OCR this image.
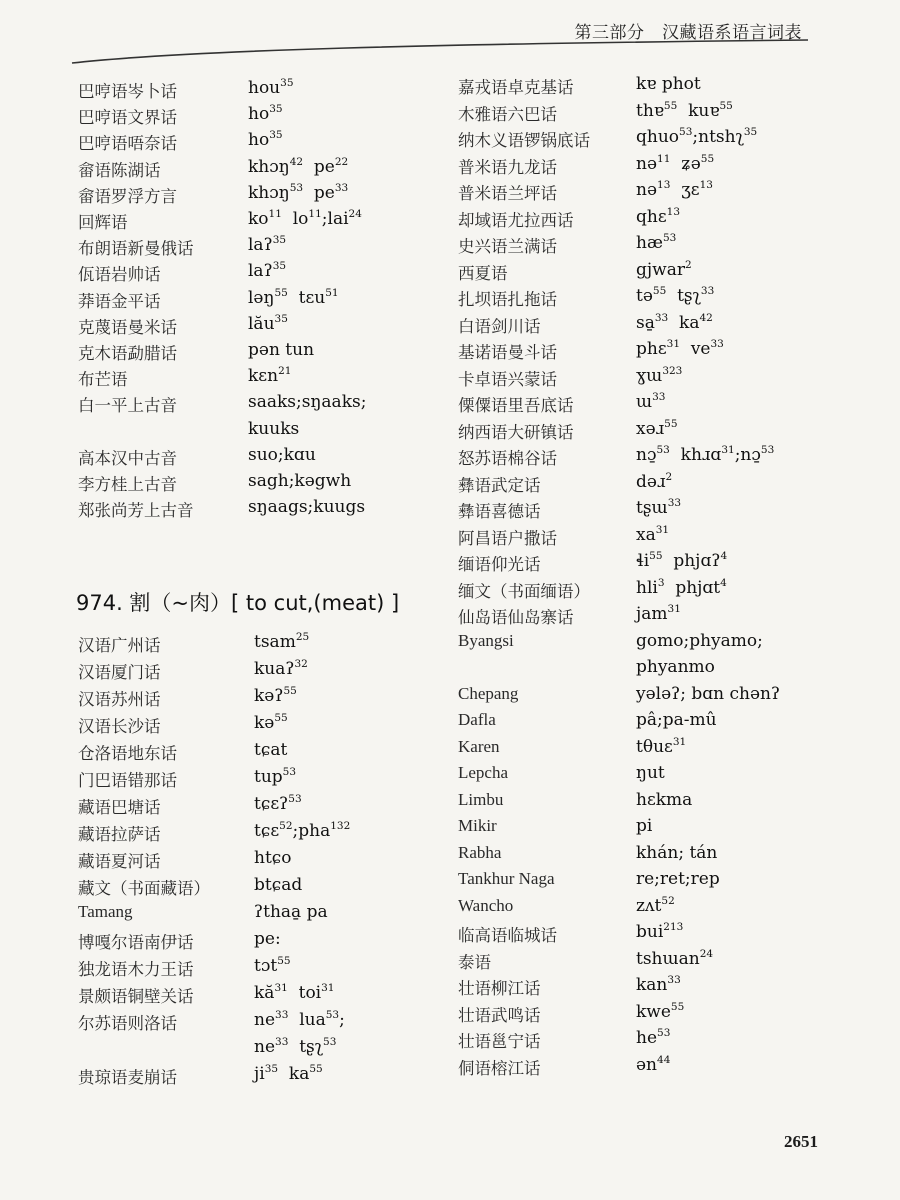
第三部分　汉藏语系语言词表
巴哼语岑卜话	hou$^{35}$
巴哼语文界话	$ho^{35}$
巴哼语唔奈话	$ho^{35}$
畲语陈湖话	khɔŋ$^{42}$  $pe^{22}$
畲语罗浮方言	khɔŋ$^{53}$  $pe^{33}$
回辉语	$ko^{11}$  $lo^{11};lai^{24}$
布朗语新曼俄话	laʔ$^{35}$
佤语岩帅话	laʔ$^{35}$
莽语金平话	ləŋ$^{55}$  tɛu$^{51}$
克蔑语曼米话	lău$^{35}$
克木语勐腊话	pən tun
布芒语	kɛn$^{21}$
白一平上古音	saaks;sŋaaks;
kuuks
高本汉中古音	suo;kɑu
李方桂上古音	sagh;kəgwh
郑张尚芳上古音	sŋaags;kuugs
974. 割（~肉）[ to cut,(meat) ]
汉语广州话	tsam$^{25}$
汉语厦门话	kuaʔ$^{32}$
汉语苏州话	kəʔ$^{55}$
汉语长沙话	kə$^{55}$
仓洛语地东话	tɕat
门巴语错那话	tup$^{53}$
藏语巴塘话	tɕɛʔ$^{53}$
藏语拉萨话	tɕɛ$^{52}$;pha$^{132}$
藏语夏河话	htɕo
藏文（书面藏语）	btɕad
Tamang	ʔthaa̱ pa
博嘎尔语南伊话	pe:
独龙语木力王话	tɔt$^{55}$
景颇语铜壁关话	$kă^{31}$  toi$^{31}$
尔苏语则洛话	$ne^{33}$  lua$^{53}$;
$ne^{33}$  tʂʅ$^{53}$
贵琼语麦崩话	$ji^{35}$  $ka^{55}$
嘉戎语卓克基话	kɐ phot
木雅语六巴话	thɐ$^{55}$  kuɐ$^{55}$
纳木义语锣锅底话	qhuo$^{53}$;ntshʅ$^{35}$
普米语九龙话	nə$^{11}$  ʑə$^{55}$
普米语兰坪话	nə$^{13}$  ʒɛ$^{13}$
却域语尤拉西话	qhɛ$^{13}$
史兴语兰满话	$hæ^{53}$
西夏语	gjwar$^2$
扎坝语扎拖话	tə$^{55}$  tʂʅ$^{33}$
白语剑川话	sa̱$^{33}$  $ka^{42}$
基诺语曼斗话	phɛ$^{31}$  $ve^{33}$
卡卓语兴蒙话	ɣɯ$^{323}$
傈僳语里吾底话	ɯ$^{33}$
纳西语大研镇话	xəɹ$^{55}$
怒苏语棉谷话	nɔ̱$^{53}$  khɹɑ$^{31}$;nɔ̱$^{53}$
彝语武定话	dəɹ$^2$
彝语喜德话	tʂɯ$^{33}$
阿昌语户撒话	$xa^{31}$
缅语仰光话	ɬi$^{55}$  phjɑʔ$^4$
缅文（书面缅语）	hli$^3$  phjɑt$^4$
仙岛语仙岛寨话	jam$^{31}$
Byangsi	gomo;phyamo;
phyanmo
Chepang	yələʔ; bɑn chənʔ
Dafla	pâ;pa-mû
Karen	tθuɛ$^{31}$
Lepcha	ŋut
Limbu	hɛkma
Mikir	pi
Rabha	khán; tán
Tankhur Naga	re;ret;rep
Wancho	zʌt$^{52}$
临高语临城话	bui$^{213}$
泰语	tshɯan$^{24}$
壮语柳江话	kan$^{33}$
壮语武鸣话	kwe$^{55}$
壮语邕宁话	$he^{53}$
侗语榕江话	ən$^{44}$
2651
